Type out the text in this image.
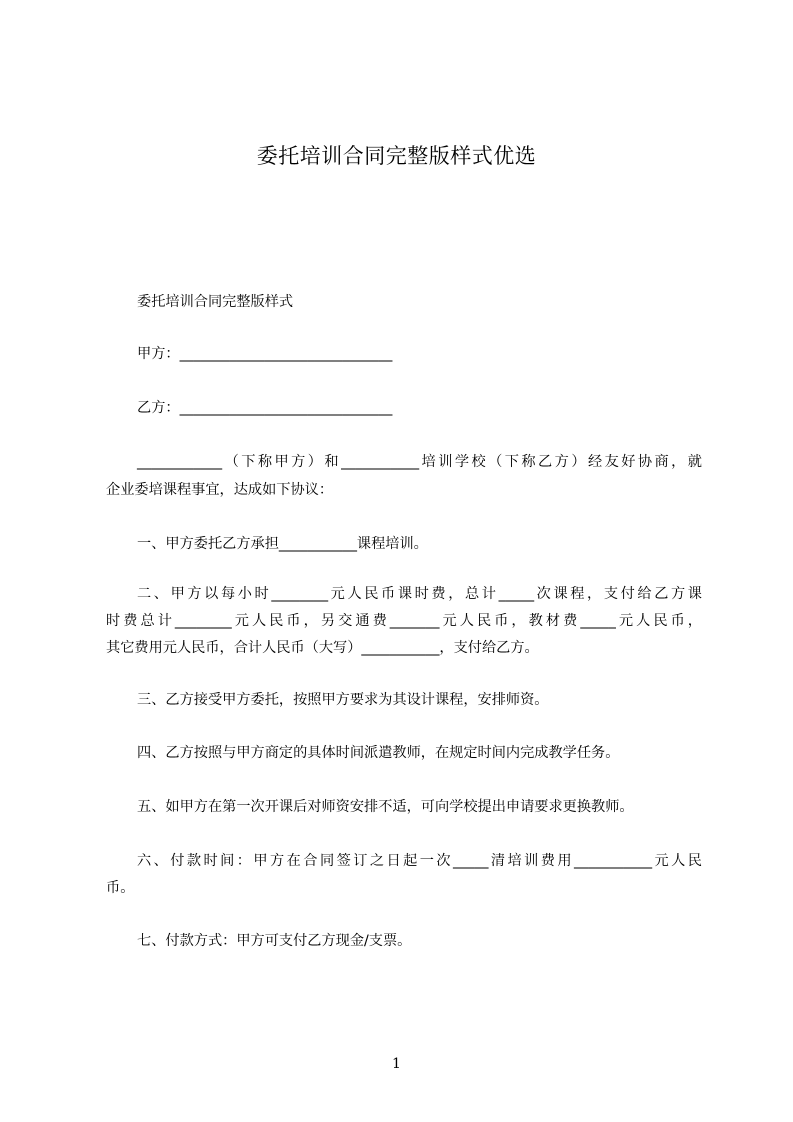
委托培训合同完整版样式优选
委托培训合同完整版样式
甲方：______________________________
乙方：______________________________
____________（下称甲方）和___________培训学校（下称乙方）经友好协商，就
企业委培课程事宜，达成如下协议：
一、甲方委托乙方承担___________课程培训。
二、甲方以每小时________元人民币课时费，总计_____次课程，支付给乙方课
时费总计________元人民币，另交通费_______元人民币，教材费_____元人民币，
其它费用元人民币，合计人民币（大写）___________，支付给乙方。
三、乙方接受甲方委托，按照甲方要求为其设计课程，安排师资。
四、乙方按照与甲方商定的具体时间派遣教师，在规定时间内完成教学任务。
五、如甲方在第一次开课后对师资安排不适，可向学校提出申请要求更换教师。
六、付款时间：甲方在合同签订之日起一次_____清培训费用___________元人民
币。
七、付款方式：甲方可支付乙方现金/支票。
1
